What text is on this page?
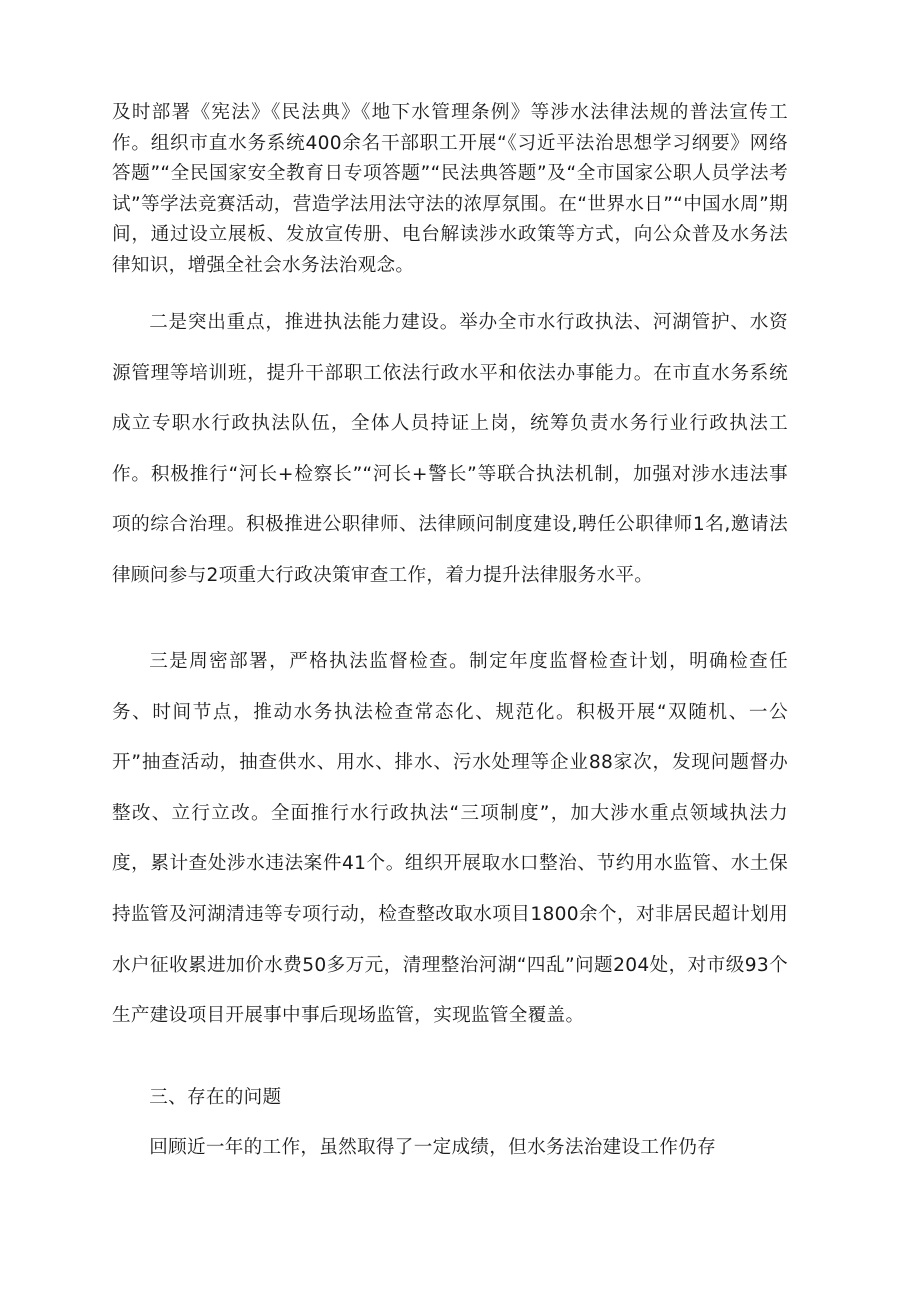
及时部署《宪法》《民法典》《地下水管理条例》等涉水法律法规的普法宣传工作。组织市直水务系统400余名干部职工开展“《习近平法治思想学习纲要》网络答题”“全民国家安全教育日专项答题”“民法典答题”及“全市国家公职人员学法考试”等学法竞赛活动，营造学法用法守法的浓厚氛围。在“世界水日”“中国水周”期间，通过设立展板、发放宣传册、电台解读涉水政策等方式，向公众普及水务法律知识，增强全社会水务法治观念。

二是突出重点，推进执法能力建设。举办全市水行政执法、河湖管护、水资源管理等培训班，提升干部职工依法行政水平和依法办事能力。在市直水务系统成立专职水行政执法队伍，全体人员持证上岗，统筹负责水务行业行政执法工作。积极推行“河长+检察长”“河长+警长”等联合执法机制，加强对涉水违法事项的综合治理。积极推进公职律师、法律顾问制度建设,聘任公职律师1名,邀请法律顾问参与2项重大行政决策审查工作，着力提升法律服务水平。

三是周密部署，严格执法监督检查。制定年度监督检查计划，明确检查任务、时间节点，推动水务执法检查常态化、规范化。积极开展“双随机、一公开”抽查活动，抽查供水、用水、排水、污水处理等企业88家次，发现问题督办整改、立行立改。全面推行水行政执法“三项制度”，加大涉水重点领域执法力度，累计查处涉水违法案件41个。组织开展取水口整治、节约用水监管、水土保持监管及河湖清违等专项行动，检查整改取水项目1800余个，对非居民超计划用水户征收累进加价水费50多万元，清理整治河湖“四乱”问题204处，对市级93个生产建设项目开展事中事后现场监管，实现监管全覆盖。

三、存在的问题

回顾近一年的工作，虽然取得了一定成绩，但水务法治建设工作仍存
